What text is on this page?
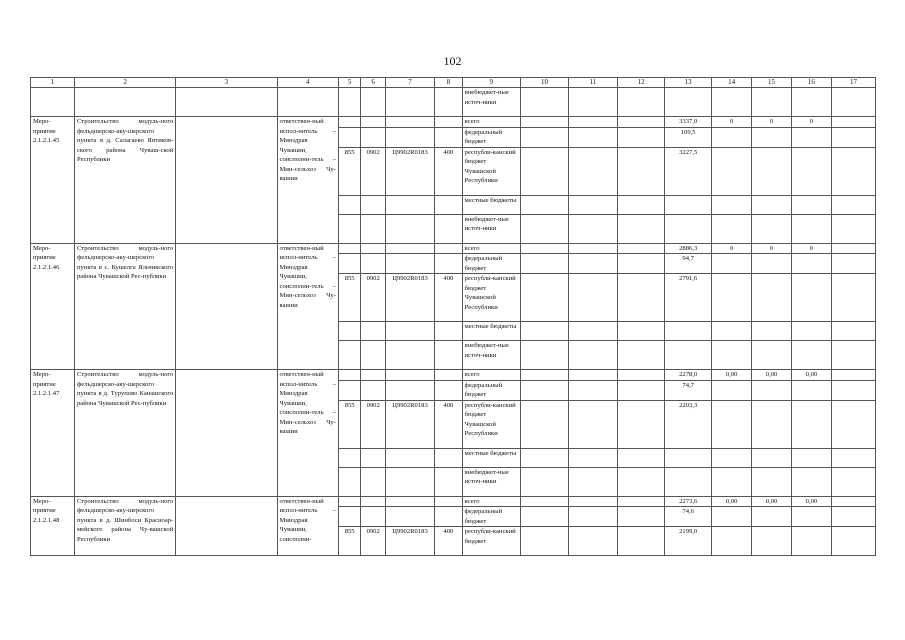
102
1	2	3	4	5	6	7	8	9	10	11	12	13	14	15	16	17
								внебюджет-ные источ-ники								
Меро-приятие 2.1.2.1.45	Строительство модуль-ного фельдшерско-аку-шерского пункта в д. Салагаево Янтиков-ского района Чуваш-ской Республики		ответствен-ный испол-нитель – Минздрав Чувашии, соисполни-тель – Мин-сельхоз Чу-вашии					всего				3337,0	0	0	0	
								федеральный бюджет				109,5				
				855	0902	Ц9902R0183	400	республи-канский бюджет Чувашской Республики				3227,5				
								местные бюджеты								
								внебюджет-ные источ-ники								
Меро-приятие 2.1.2.1.46	Строительство модуль-ного фельдшерско-аку-шерского пункта в с. Кушелга Яльчикского района Чувашской Рес-публики		ответствен-ный испол-нитель – Минздрав Чувашии, соисполни-тель – Мин-сельхоз Чу-вашии					всего				2886,3	0	0	0	
								федеральный бюджет				94,7				
				855	0902	Ц9902R0183	400	республи-канский бюджет Чувашской Республики				2791,6				
								местные бюджеты								
								внебюджет-ные источ-ники								
Меро-приятие 2.1.2.1.47	Строительство модуль-ного фельдшерско-аку-шерского пункта в д. Турупово Канашского района Чувашской Рес-публики		ответствен-ный испол-нитель – Минздрав Чувашии, соисполни-тель – Мин-сельхоз Чу-вашии					всего				2278,0	0,00	0,00	0,00	
								федеральный бюджет				74,7				
				855	0902	Ц9902R0183	400	республи-канский бюджет Чувашской Республики				2203,3				
								местные бюджеты								
								внебюджет-ные источ-ники								
Меро-приятие 2.1.2.1.48	Строительство модуль-ного фельдшерско-аку-шерского пункта в д. Шинбоси Красноар-мейского района Чу-вашской Республики		ответствен-ный испол-нитель – Минздрав Чувашии, соисполни-					всего				2273,6	0,00	0,00	0,00	
								федеральный бюджет				74,6				
				855	0902	Ц9902R0183	400	республи-канский бюджет				2199,0				
